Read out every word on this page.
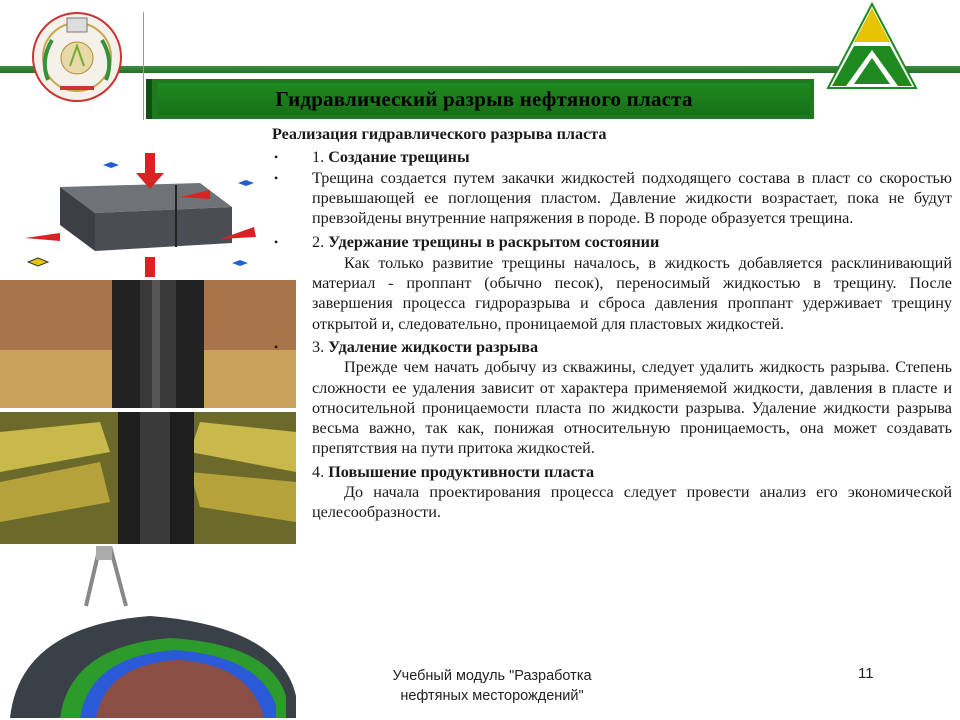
Гидравлический разрыв нефтяного пласта

Реализация гидравлического разрыва пласта

• 1. Создание трещины
• Трещина создается путем закачки жидкостей подходящего состава в пласт со скоростью превышающей ее поглощения пластом. Давление жидкости возрастает, пока не будут превзойдены внутренние напряжения в породе. В породе образуется трещина.

• 2. Удержание трещины в раскрытом состоянии

Как только развитие трещины началось, в жидкость добавляется расклинивающий материал - проппант (обычно песок), переносимый жидкостью в трещину. После завершения процесса гидроразрыва и сброса давления проппант удерживает трещину открытой и, следовательно, проницаемой для пластовых жидкостей.

• 3. Удаление жидкости разрыва

Прежде чем начать добычу из скважины, следует удалить жидкость разрыва. Степень сложности ее удаления зависит от характера применяемой жидкости, давления в пласте и относительной проницаемости пласта по жидкости разрыва. Удаление жидкости разрыва весьма важно, так как, понижая относительную проницаемость, она может создавать препятствия на пути притока жидкостей.

4. Повышение продуктивности пласта

До начала проектирования процесса следует провести анализ его экономической целесообразности.

Учебный модуль "Разработка
нефтяных месторождений"
11
